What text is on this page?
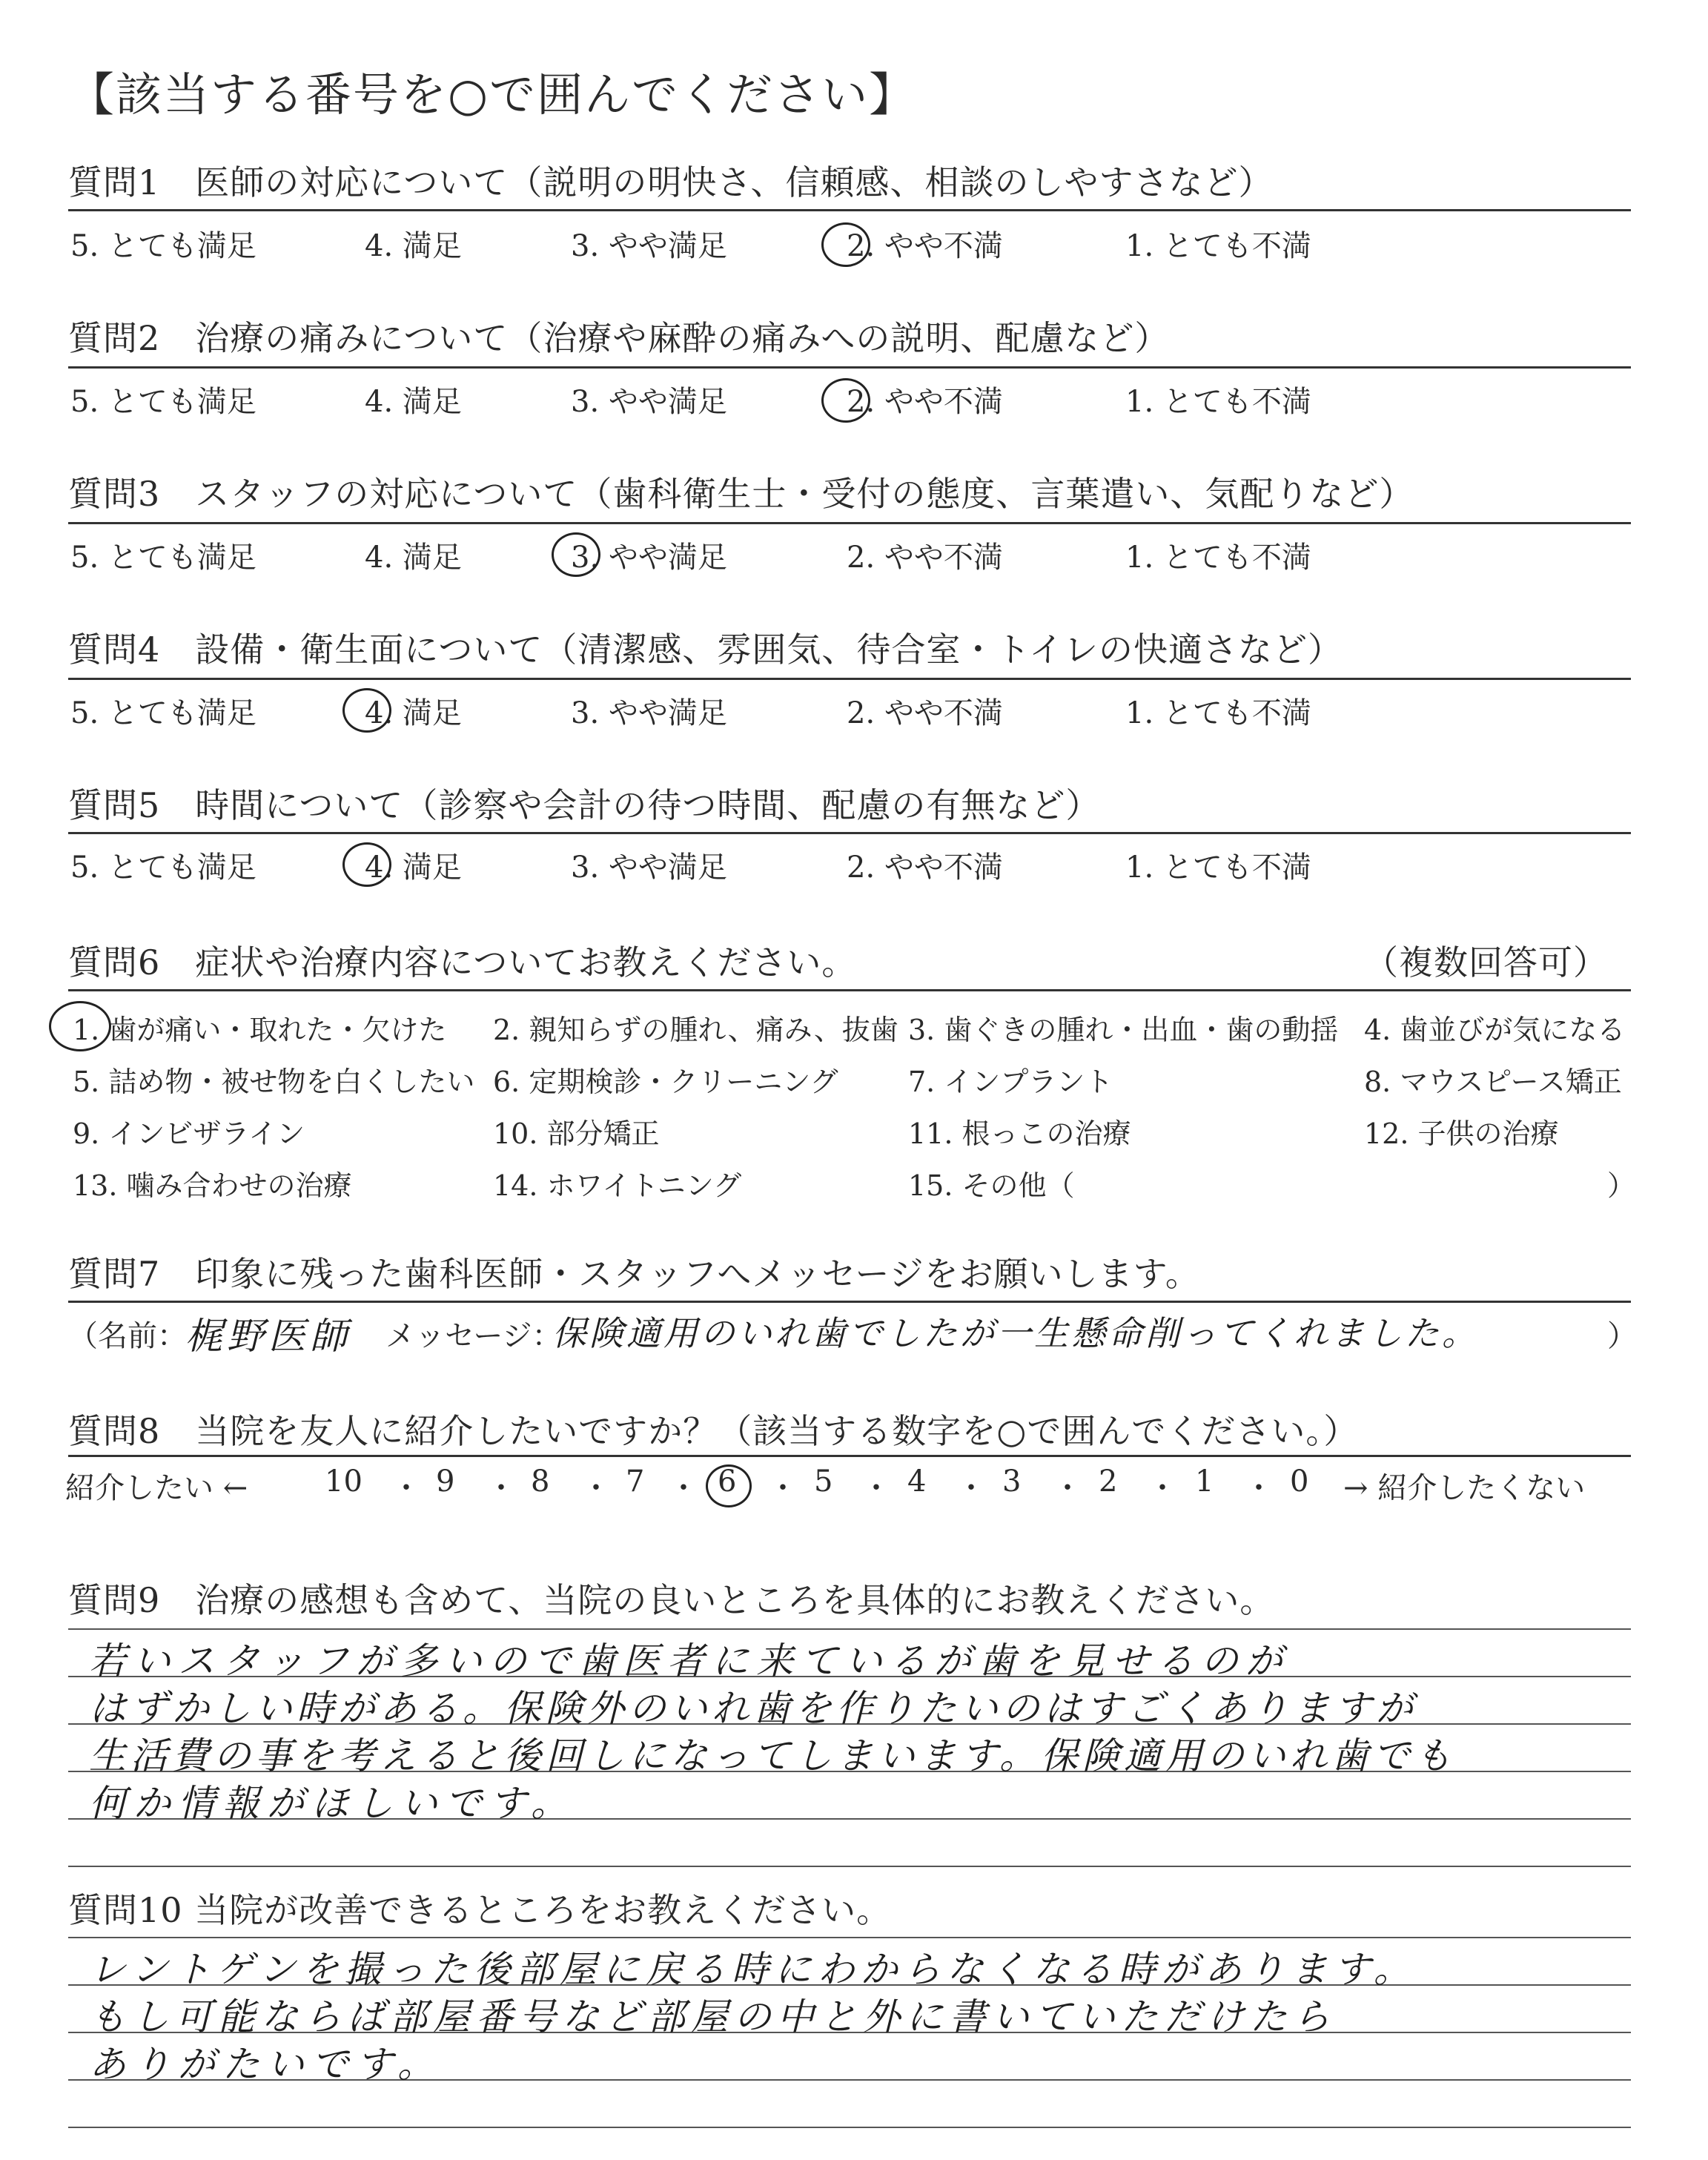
【該当する番号を○で囲んでください】
質問1　医師の対応について（説明の明快さ、信頼感、相談のしやすさなど）
5. とても満足	4. 満足	3. やや満足	2. やや不満	1. とても不満
質問2　治療の痛みについて（治療や麻酔の痛みへの説明、配慮など）
5. とても満足	4. 満足	3. やや満足	2. やや不満	1. とても不満
質問3　スタッフの対応について（歯科衛生士・受付の態度、言葉遣い、気配りなど）
5. とても満足	4. 満足	3. やや満足	2. やや不満	1. とても不満
質問4　設備・衛生面について（清潔感、雰囲気、待合室・トイレの快適さなど）
5. とても満足	4. 満足	3. やや満足	2. やや不満	1. とても不満
質問5　時間について（診察や会計の待つ時間、配慮の有無など）
5. とても満足	4. 満足	3. やや満足	2. やや不満	1. とても不満
質問6　症状や治療内容についてお教えください。	（複数回答可）
1. 歯が痛い・取れた・欠けた 2. 親知らずの腫れ、痛み、抜歯 3. 歯ぐきの腫れ・出血・歯の動揺 4. 歯並びが気になる
5. 詰め物・被せ物を白くしたい 6. 定期検診・クリーニング 7. インプラント	8. マウスピース矯正
9. インビザライン	10. 部分矯正	11. 根っこの治療	12. 子供の治療
13. 噛み合わせの治療	14. ホワイトニング	15. その他（	）
質問7　印象に残った歯科医師・スタッフへメッセージをお願いします。
（名前：
梶野医師 メッセージ：
保険適用のいれ歯でしたが一生懸命削ってくれました。	）
質問8　当院を友人に紹介したいですか？（該当する数字を○で囲んでください。）
紹介したい ←	10 ・ 9 ・ 8 ・ 7 ・ 6 ・ 5 ・ 4 ・ 3 ・ 2 ・ 1 ・ 0 → 紹介したくない
質問9　治療の感想も含めて、当院の良いところを具体的にお教えください。
若いスタッフが多いので歯医者に来ているが歯を見せるのが
はずかしい時がある。保険外のいれ歯を作りたいのはすごくありますが
生活費の事を考えると後回しになってしまいます。保険適用のいれ歯でも
何か情報がほしいです。
質問10 当院が改善できるところをお教えください。
レントゲンを撮った後部屋に戻る時にわからなくなる時があります。
もし可能ならば部屋番号など部屋の中と外に書いていただけたら
ありがたいです。
